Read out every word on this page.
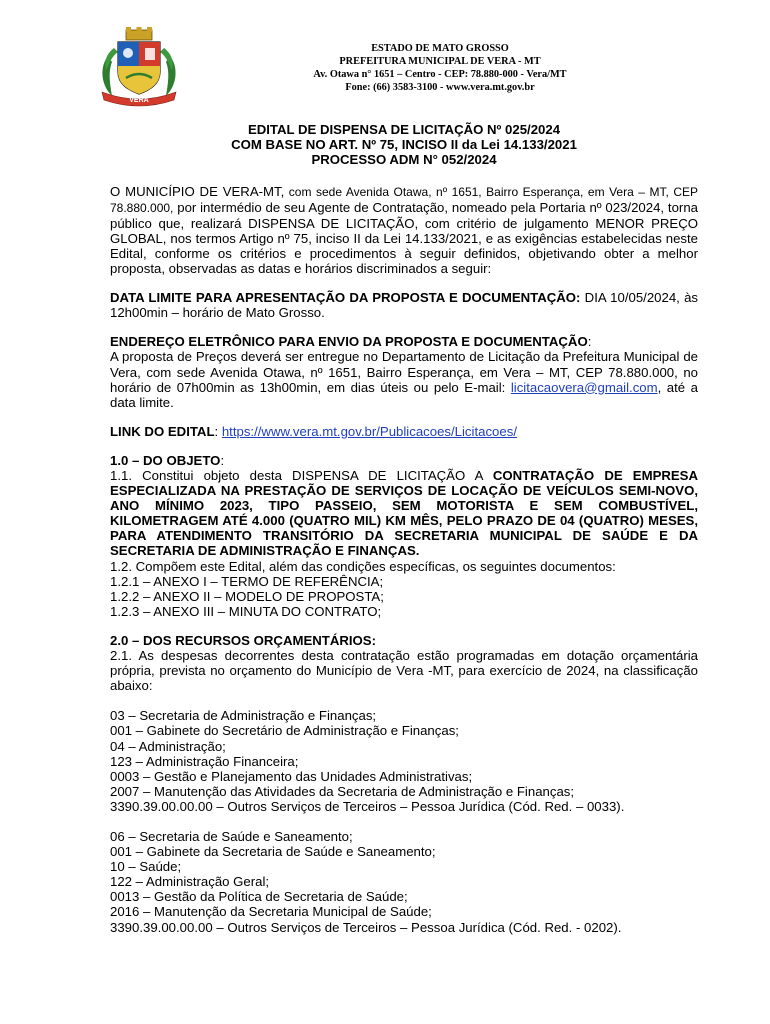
VERA
ESTADO DE MATO GROSSO
PREFEITURA MUNICIPAL DE VERA - MT
Av. Otawa n° 1651 – Centro - CEP: 78.880-000 - Vera/MT
Fone: (66) 3583-3100 - www.vera.mt.gov.br
EDITAL DE DISPENSA DE LICITAÇÃO Nº 025/2024
COM BASE NO ART. Nº 75, INCISO II da Lei 14.133/2021
PROCESSO ADM N° 052/2024

O MUNICÍPIO DE VERA-MT, com sede Avenida Otawa, nº 1651, Bairro Esperança, em Vera – MT, CEP 78.880.000, por intermédio de seu Agente de Contratação, nomeado pela Portaria nº 023/2024, torna público que, realizará DISPENSA DE LICITAÇÃO, com critério de julgamento MENOR PREÇO GLOBAL, nos termos Artigo nº 75, inciso II da Lei 14.133/2021, e as exigências estabelecidas neste Edital, conforme os critérios e procedimentos à seguir definidos, objetivando obter a melhor proposta, observadas as datas e horários discriminados a seguir:

DATA LIMITE PARA APRESENTAÇÃO DA PROPOSTA E DOCUMENTAÇÃO: DIA 10/05/2024, às 12h00min – horário de Mato Grosso.

ENDEREÇO ELETRÔNICO PARA ENVIO DA PROPOSTA E DOCUMENTAÇÃO:
A proposta de Preços deverá ser entregue no Departamento de Licitação da Prefeitura Municipal de Vera, com sede Avenida Otawa, nº 1651, Bairro Esperança, em Vera – MT, CEP 78.880.000, no horário de 07h00min as 13h00min, em dias úteis ou pelo E-mail: licitacaovera@gmail.com, até a data limite.

LINK DO EDITAL: https://www.vera.mt.gov.br/Publicacoes/Licitacoes/

1.0 – DO OBJETO:

1.1. Constitui objeto desta DISPENSA DE LICITAÇÃO A CONTRATAÇÃO DE EMPRESA ESPECIALIZADA NA PRESTAÇÃO DE SERVIÇOS DE LOCAÇÃO DE VEÍCULOS SEMI-NOVO, ANO MÍNIMO 2023, TIPO PASSEIO, SEM MOTORISTA E SEM COMBUSTÍVEL, KILOMETRAGEM ATÉ 4.000 (QUATRO MIL) KM MÊS, PELO PRAZO DE 04 (QUATRO) MESES, PARA ATENDIMENTO TRANSITÓRIO DA SECRETARIA MUNICIPAL DE SAÚDE E DA SECRETARIA DE ADMINISTRAÇÃO E FINANÇAS.

1.2. Compõem este Edital, além das condições específicas, os seguintes documentos:
1.2.1 – ANEXO I – TERMO DE REFERÊNCIA;
1.2.2 – ANEXO II – MODELO DE PROPOSTA;
1.2.3 – ANEXO III – MINUTA DO CONTRATO;

2.0 – DOS RECURSOS ORÇAMENTÁRIOS:

2.1. As despesas decorrentes desta contratação estão programadas em dotação orçamentária própria, prevista no orçamento do Município de Vera -MT, para exercício de 2024, na classificação abaixo:

03 – Secretaria de Administração e Finanças;
001 – Gabinete do Secretário de Administração e Finanças;
04 – Administração;
123 – Administração Financeira;
0003 – Gestão e Planejamento das Unidades Administrativas;
2007 – Manutenção das Atividades da Secretaria de Administração e Finanças;
3390.39.00.00.00 – Outros Serviços de Terceiros – Pessoa Jurídica (Cód. Red. – 0033).
06 – Secretaria de Saúde e Saneamento;
001 – Gabinete da Secretaria de Saúde e Saneamento;
10 – Saúde;
122 – Administração Geral;
0013 – Gestão da Política de Secretaria de Saúde;
2016 – Manutenção da Secretaria Municipal de Saúde;
3390.39.00.00.00 – Outros Serviços de Terceiros – Pessoa Jurídica (Cód. Red. - 0202).
